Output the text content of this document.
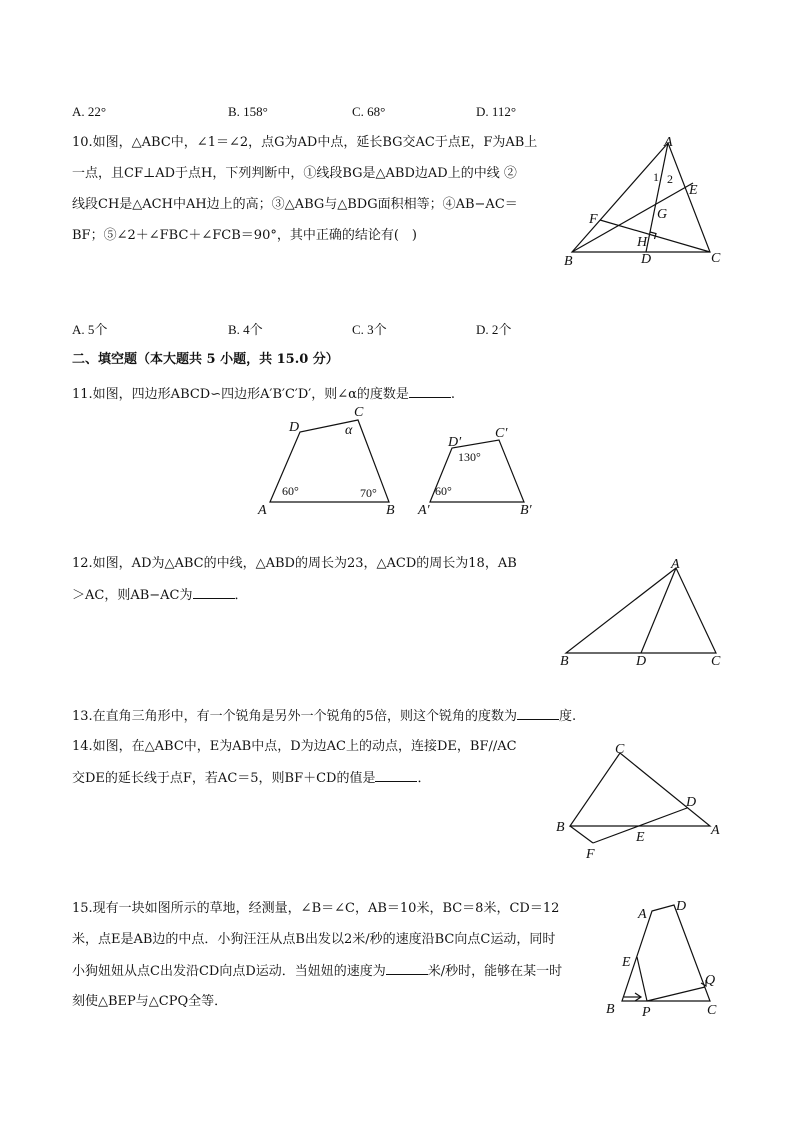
A. 22°	B. 158°	C. 68°	D. 112°
10.如图，△ABC中，∠1＝∠2，点G为AD中点，延长BG交AC于点E，F为AB上
一点，且CF⊥AD于点H，下列判断中，①线段BG是△ABD边AD上的中线 ②
线段CH是△ACH中AH边上的高；③△ABG与△BDG面积相等；④AB−AC＝
BF；⑤∠2＋∠FBC＋∠FCB＝90°，其中正确的结论有(　)
A
B	C
D
E
F	G
H
1 2
A. 5个	B. 4个	C. 3个	D. 2个
二、填空题（本大题共 5 小题，共 15.0 分）
11.如图，四边形ABCD∽四边形A′B′C′D′，则∠α的度数是	.
A	B
C
D	α
60°	70°
A′	B′
C′
D′
130°
60°
12.如图，AD为△ABC的中线，△ABD的周长为23，△ACD的周长为18，AB
＞AC，则AB−AC为	．
A
B	C
D
13.在直角三角形中，有一个锐角是另外一个锐角的5倍，则这个锐角的度数为	度.
14.如图，在△ABC中，E为AB中点，D为边AC上的动点，连接DE，BF//AC
交DE的延长线于点F，若AC＝5，则BF＋CD的值是	．
C
B	A
D
E
F
15.现有一块如图所示的草地，经测量，∠B＝∠C，AB＝10米，BC＝8米，CD＝12
米，点E是AB边的中点．小狗汪汪从点B出发以2米/秒的速度沿BC向点C运动，同时
小狗妞妞从点C出发沿CD向点D运动．当妞妞的速度为	米/秒时，能够在某一时
刻使△BEP与△CPQ全等．
A
D
E
B P	C
Q
